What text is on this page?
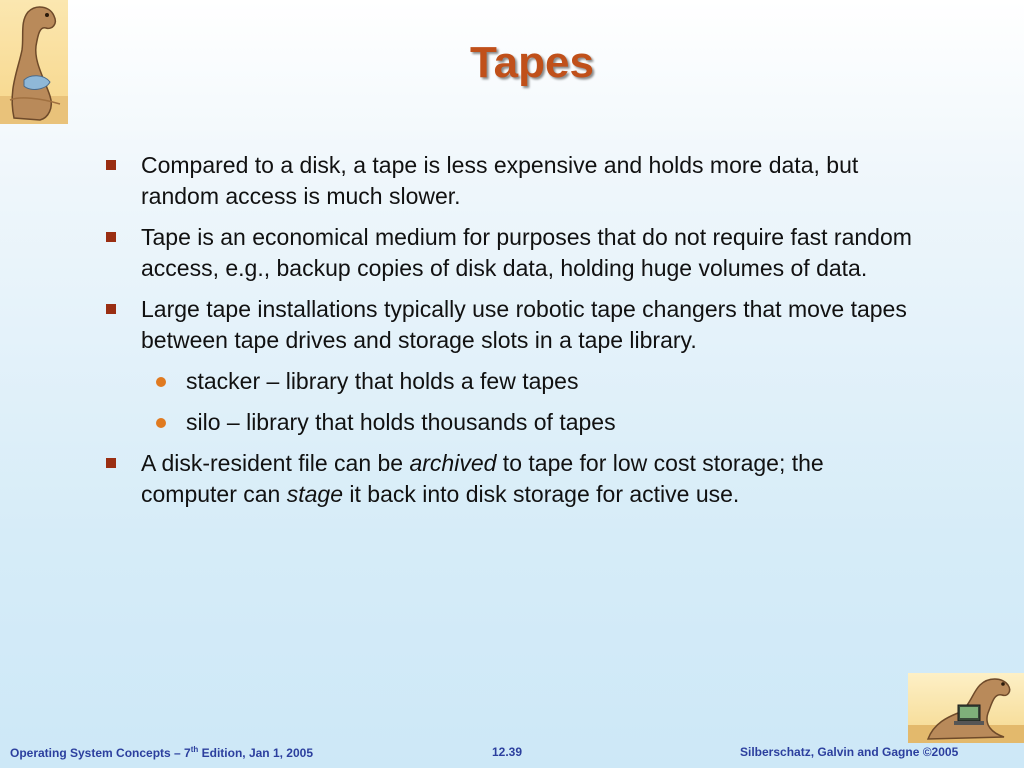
Tapes
Compared to a disk, a tape is less expensive and holds more data, but random access is much slower.
Tape is an economical medium for purposes that do not require fast random access, e.g., backup copies of disk data, holding huge volumes of data.
Large tape installations typically use robotic tape changers that move tapes between tape drives and storage slots in a tape library.
stacker – library that holds a few tapes
silo – library that holds thousands of tapes
A disk-resident file can be archived to tape for low cost storage; the computer can stage it back into disk storage for active use.
Operating System Concepts – 7th Edition, Jan 1, 2005	12.39	Silberschatz, Galvin and Gagne ©2005
